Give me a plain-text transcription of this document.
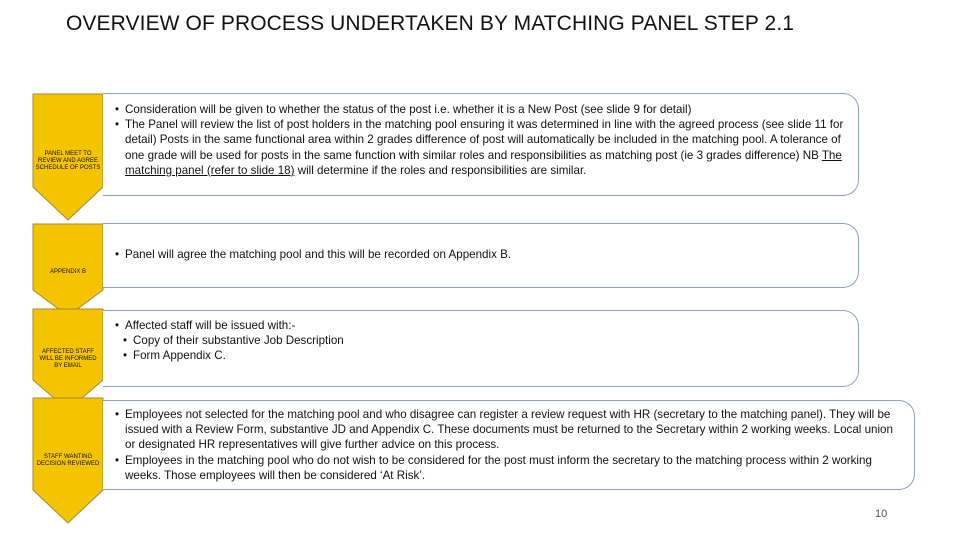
OVERVIEW OF PROCESS UNDERTAKEN BY MATCHING PANEL STEP 2.1
PANEL MEET TO REVIEW AND AGREE SCHEDULE OF POSTS
APPENDIX B
AFFECTED STAFF WILL BE INFORMED BY EMAIL
STAFF WANTING DECISION REVIEWED
• Consideration will be given to whether the status of the post i.e. whether it is a New Post (see slide 9 for detail)
• The Panel will review the list of post holders in the matching pool ensuring it was determined in line with the agreed process (see slide 11 for detail) Posts in the same functional area within 2 grades difference of post will automatically be included in the matching pool. A tolerance of one grade will be used for posts in the same function with similar roles and responsibilities as matching post (ie 3 grades difference) NB The matching panel (refer to slide 18) will determine if the roles and responsibilities are similar.
• Panel will agree the matching pool and this will be recorded on Appendix B.
• Affected staff will be issued with:-
• Copy of their substantive Job Description
• Form Appendix C.
• Employees not selected for the matching pool and who disagree can register a review request with HR (secretary to the matching panel). They will be issued with a Review Form, substantive JD and Appendix C. These documents must be returned to the Secretary within 2 working weeks. Local union or designated HR representatives will give further advice on this process.
• Employees in the matching pool who do not wish to be considered for the post must inform the secretary to the matching process within 2 working weeks. Those employees will then be considered ‘At Risk’.
10
